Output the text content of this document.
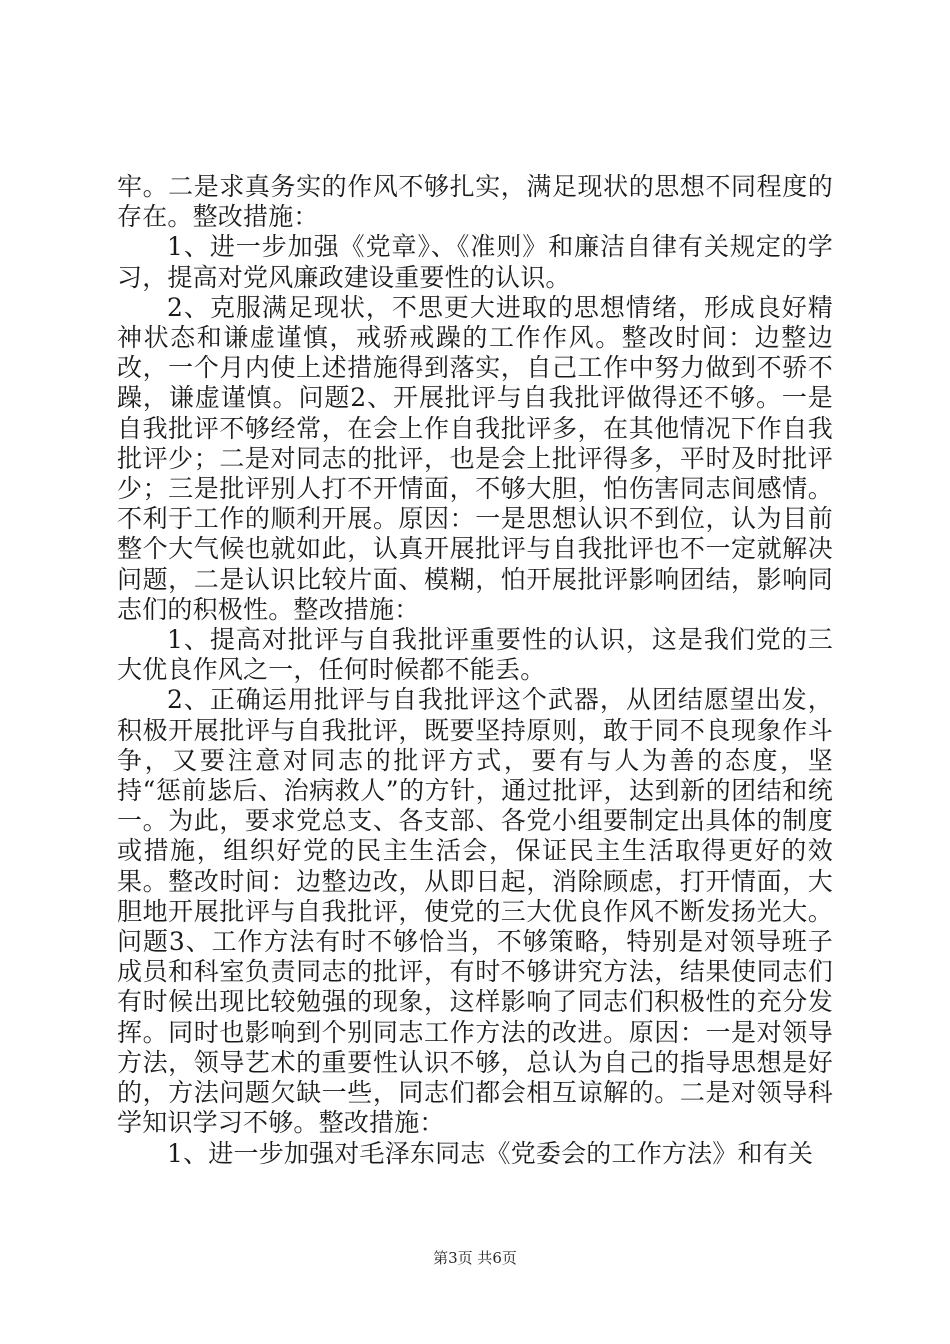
牢。二是求真务实的作风不够扎实，满足现状的思想不同程度的存在。整改措施：

1、进一步加强《党章》、《准则》和廉洁自律有关规定的学习，提高对党风廉政建设重要性的认识。

2、克服满足现状，不思更大进取的思想情绪，形成良好精神状态和谦虚谨慎，戒骄戒躁的工作作风。整改时间：边整边改，一个月内使上述措施得到落实，自己工作中努力做到不骄不躁，谦虚谨慎。问题2、开展批评与自我批评做得还不够。一是自我批评不够经常，在会上作自我批评多，在其他情况下作自我批评少；二是对同志的批评，也是会上批评得多，平时及时批评少；三是批评别人打不开情面，不够大胆，怕伤害同志间感情。不利于工作的顺利开展。原因：一是思想认识不到位，认为目前整个大气候也就如此，认真开展批评与自我批评也不一定就解决问题，二是认识比较片面、模糊，怕开展批评影响团结，影响同志们的积极性。整改措施：

1、提高对批评与自我批评重要性的认识，这是我们党的三大优良作风之一，任何时候都不能丢。

2、正确运用批评与自我批评这个武器，从团结愿望出发，积极开展批评与自我批评，既要坚持原则，敢于同不良现象作斗争，又要注意对同志的批评方式，要有与人为善的态度，坚持“惩前毖后、治病救人”的方针，通过批评，达到新的团结和统一。为此，要求党总支、各支部、各党小组要制定出具体的制度或措施，组织好党的民主生活会，保证民主生活取得更好的效果。整改时间：边整边改，从即日起，消除顾虑，打开情面，大胆地开展批评与自我批评，使党的三大优良作风不断发扬光大。问题3、工作方法有时不够恰当，不够策略，特别是对领导班子成员和科室负责同志的批评，有时不够讲究方法，结果使同志们有时候出现比较勉强的现象，这样影响了同志们积极性的充分发挥。同时也影响到个别同志工作方法的改进。原因：一是对领导方法，领导艺术的重要性认识不够，总认为自己的指导思想是好的，方法问题欠缺一些，同志们都会相互谅解的。二是对领导科学知识学习不够。整改措施：

1、进一步加强对毛泽东同志《党委会的工作方法》和有关

第3页 共6页
